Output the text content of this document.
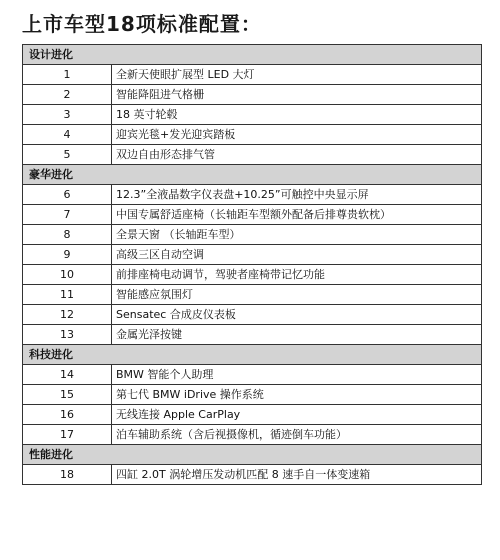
上市车型18项标准配置：
设计进化	
1	全新天使眼扩展型 LED 大灯
2	智能降阻进气格栅
3	18 英寸轮毂
4	迎宾光毯+发光迎宾踏板
5	双边自由形态排气管
豪华进化	
6	12.3”全液晶数字仪表盘+10.25”可触控中央显示屏
7	中国专属舒适座椅（长轴距车型额外配备后排尊贵软枕）
8	全景天窗 （长轴距车型）
9	高级三区自动空调
10	前排座椅电动调节，驾驶者座椅带记忆功能
11	智能感应氛围灯
12	Sensatec 合成皮仪表板
13	金属光泽按键
科技进化	
14	BMW 智能个人助理
15	第七代 BMW iDrive 操作系统
16	无线连接 Apple CarPlay
17	泊车辅助系统（含后视摄像机，循迹倒车功能）
性能进化	
18	四缸 2.0T 涡轮增压发动机匹配 8 速手自一体变速箱
